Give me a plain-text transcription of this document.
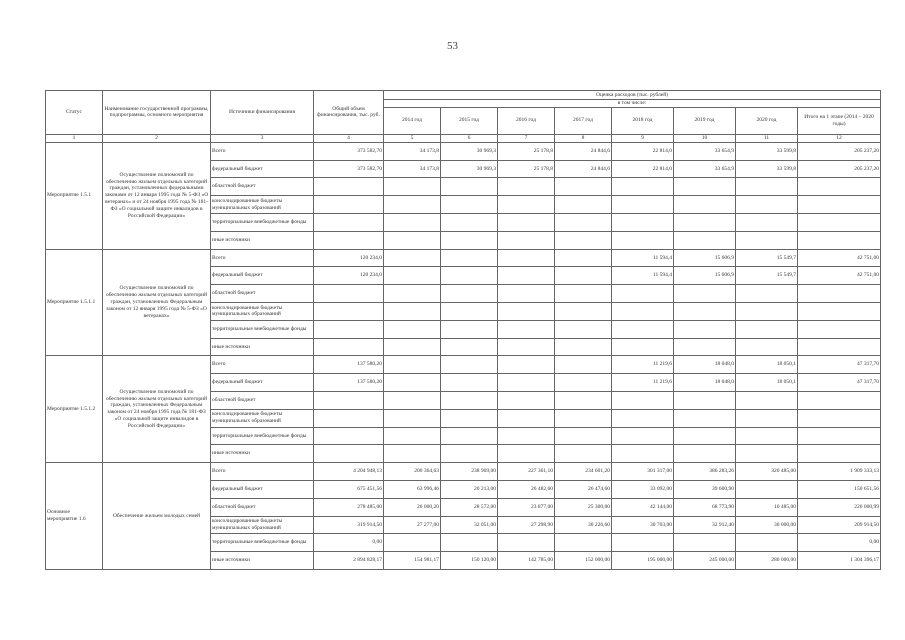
53
Статус	Наименование государственной программы, подпрограммы, основного мероприятия	Источники финансирования	Общий объем финансирования, тыс. руб.	Оценка расходов (тыс. рублей)							
				в том числе:							
				2014 год	2015 год	2016 год	2017 год	2018 год	2019 год	2020 год	Итого на 1 этапе (2014 – 2020 годы)
1	2	3	4	5	6	7	8	9	10	11	12
Мероприятие 1.5.1	Осуществление полномочий по обеспечению жильем отдельных категорий граждан, установленных федеральными законами от 12 января 1995 года № 5-ФЗ «О ветеранах» и от 24 ноября 1995 года № 181-ФЗ «О социальной защите инвалидов в Российской Федерации»	Всего	373 582,70	34 173,8	30 969,3	25 178,8	24 844,6	22 814,0	33 654,9	33 599,8	205 237,20
		федеральный бюджет	373 582,70	34 173,8	30 969,3	25 178,8	24 844,6	22 814,0	33 654,9	33 599,8	205 237,20
		областной бюджет									
		консолидированные бюджеты муниципальных образований									
		территориальные внебюджетные фонды									
		иные источники									
Мероприятие 1.5.1.1	Осуществление полномочий по обеспечению жильем отдельных категорий граждан, установленных Федеральным законом от 12 января 1995 года № 5-ФЗ «О ветеранах»	Всего	120 234,0					11 594,4	15 606,9	15 549,7	42 751,00
		федеральный бюджет	120 234,0					11 594,4	15 606,9	15 549,7	42 751,00
		областной бюджет									
		консолидированные бюджеты муниципальных образований									
		территориальные внебюджетные фонды									
		иные источники									
Мероприятие 1.5.1.2	Осуществление полномочий по обеспечению жильем отдельных категорий граждан, установленных Федеральным законом от 24 ноября 1995 года № 181-ФЗ «О социальной защите инвалидов в Российской Федерации»	Всего	137 580,20					11 219,6	18 048,0	18 050,1	47 317,70
		федеральный бюджет	137 580,20					11 219,6	18 048,0	18 050,1	47 317,70
		областной бюджет									
		консолидированные бюджеты муниципальных образований									
		территориальные внебюджетные фонды									
		иные источники									
Основное мероприятие 1.6	Обеспечение жильем молодых семей	Всего	4 204 948,13	200 364,63	238 969,00	227 361,10	234 601,20	301 317,00	386 283,26	320 485,00	1 909 333,13
		федеральный бюджет	675 451,56	63 996,46	20 213,00	26 482,60	26 474,60	33 092,00	39 600,90		150 651,56
		областной бюджет	278 485,00	26 000,20	28 572,00	23 877,00	25 300,00	42 144,00	68 773,90	10 485,00	226 000,99
		консолидированные бюджеты муниципальных образований	319 914,50	27 277,00	32 051,00	27 298,90	30 226,60	30 703,00	32 912,40	30 000,00	209 914,50
		территориальные внебюджетные фонды	0,00								0,00
		иные источники	2 894 828,17	154 981,17	150 120,00	142 785,00	152 000,00	195 000,00	245 000,00	280 000,00	1 304 396,17
